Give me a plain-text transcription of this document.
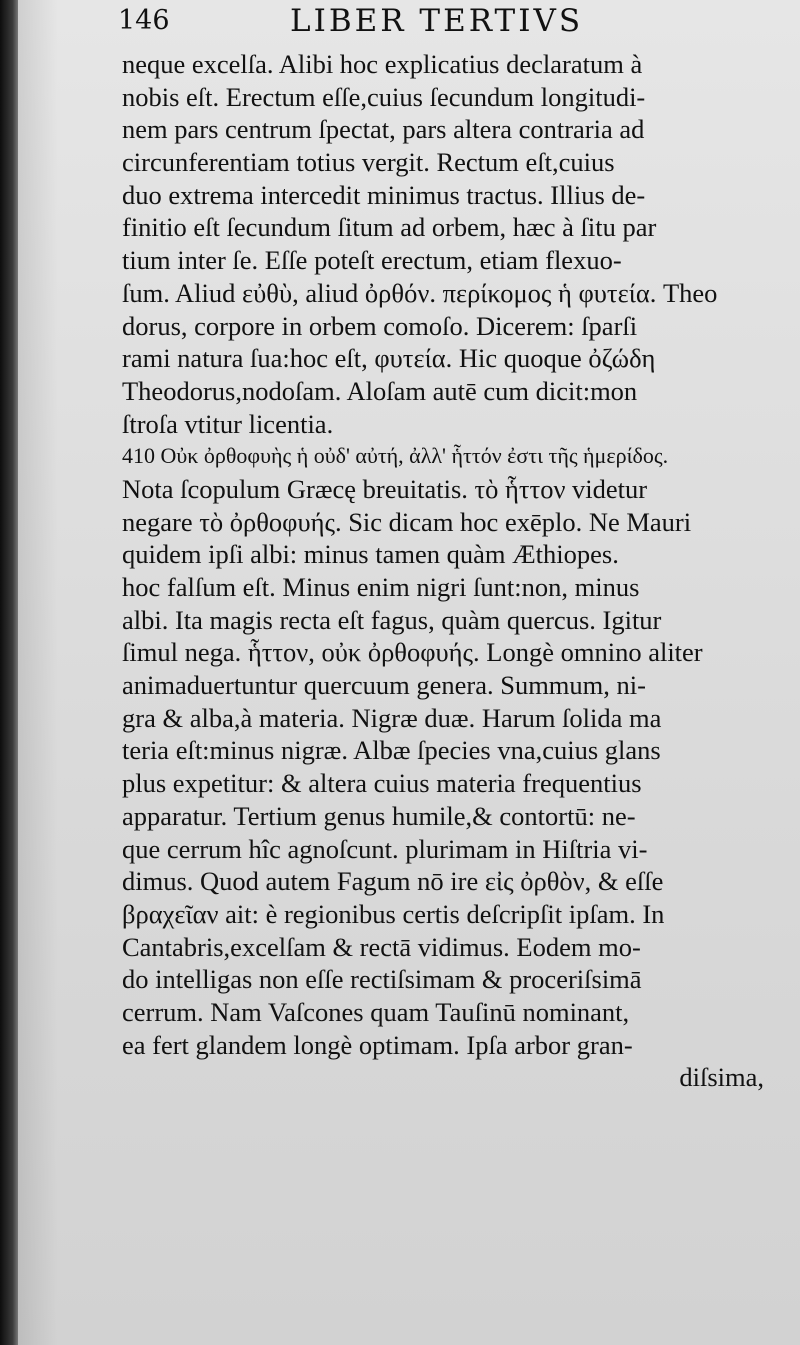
146	LIBER TERTIVS
neque excelſa. Alibi hoc explicatius declaratum à
nobis eſt. Erectum eſſe,cuius ſecundum longitudi-
nem pars centrum ſpectat, pars altera contraria ad
circunferentiam totius vergit. Rectum eſt,cuius
duo extrema intercedit minimus tractus. Illius de-
finitio eſt ſecundum ſitum ad orbem, hæc à ſitu par
tium inter ſe. Eſſe poteſt erectum, etiam flexuo-
ſum. Aliud εὐθὺ, aliud ὀρθόν. περίκομος ἡ φυτεία. Theo
dorus, corpore in orbem comoſo. Dicerem: ſparſi
rami natura ſua:hoc eſt, φυτεία. Hic quoque ὀζώδη
Theodorus,nodoſam. Aloſam autē cum dicit:mon
ſtroſa vtitur licentia.
410 Οὐκ ὀρθοφυὴς ἡ οὐδ' αὐτή, ἀλλ' ἧττόν ἐστι τῆς ἡμερίδος.
Nota ſcopulum Græcę breuitatis. τὸ ἧττον videtur
negare τὸ ὀρθοφυής. Sic dicam hoc exēplo. Ne Mauri
quidem ipſi albi: minus tamen quàm Æthiopes.
hoc falſum eſt. Minus enim nigri ſunt:non, minus
albi. Ita magis recta eſt fagus, quàm quercus. Igitur
ſimul nega. ἧττον, οὐκ ὀρθοφυής. Longè omnino aliter
animaduertuntur quercuum genera. Summum, ni-
gra & alba,à materia. Nigræ duæ. Harum ſolida ma
teria eſt:minus nigræ. Albæ ſpecies vna,cuius glans
plus expetitur: & altera cuius materia frequentius
apparatur. Tertium genus humile,& contortū: ne-
que cerrum hîc agnoſcunt. plurimam in Hiſtria vi-
dimus. Quod autem Fagum nō ire εἰς ὀρθὸν, & eſſe
βραχεῖαν ait: è regionibus certis deſcripſit ipſam. In
Cantabris,excelſam & rectā vidimus. Eodem mo-
do intelligas non eſſe rectiſsimam & proceriſsimā
cerrum. Nam Vaſcones quam Tauſinū nominant,
ea fert glandem longè optimam. Ipſa arbor gran-
diſsima,
